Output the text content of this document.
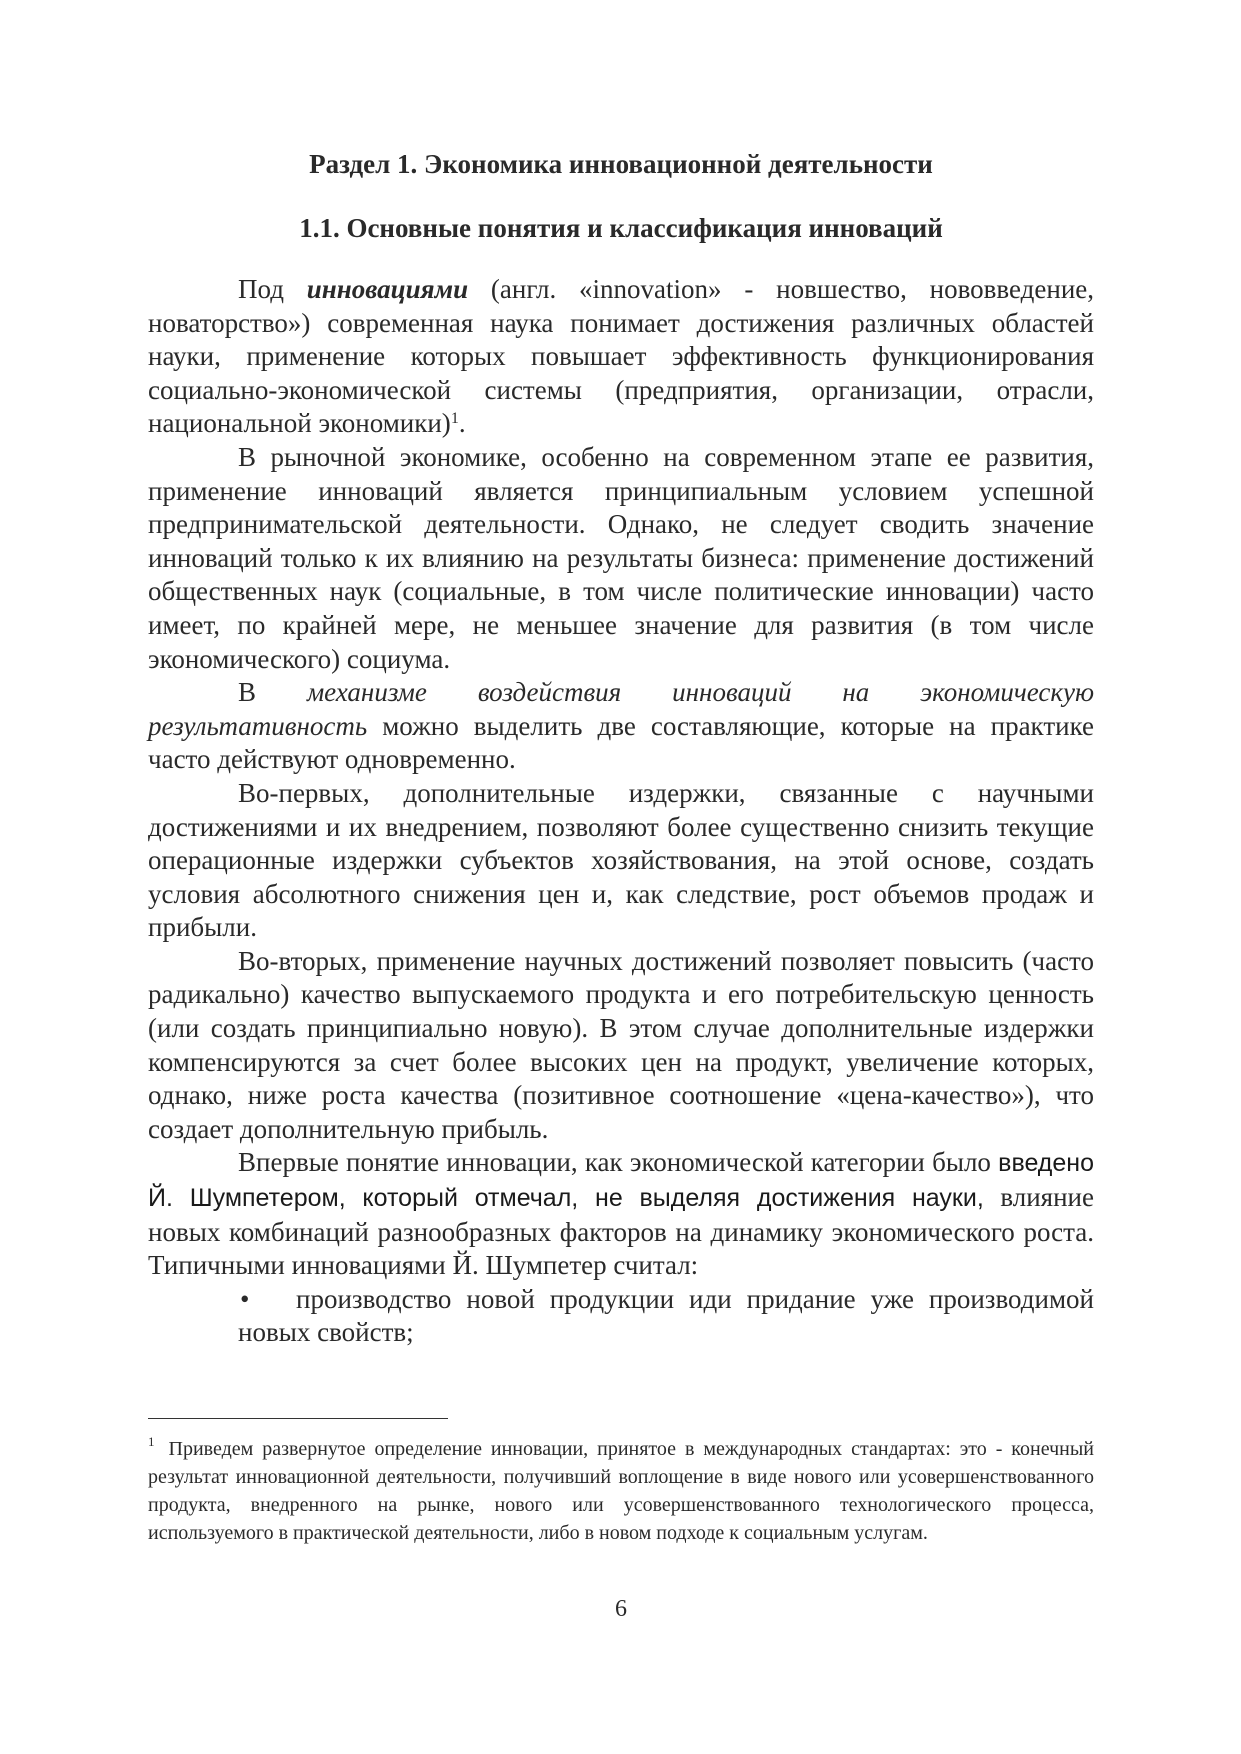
Раздел 1. Экономика инновационной деятельности
1.1. Основные понятия и классификация инноваций

Под инновациями (англ. «innovation» - новшество, нововведение, новаторство») современная наука понимает достижения различных областей науки, применение которых повышает эффективность функционирования социально-экономической системы (предприятия, организации, отрасли, национальной экономики)$^1$.

В рыночной экономике, особенно на современном этапе ее развития, применение инноваций является принципиальным условием успешной предпринимательской деятельности. Однако, не следует сводить значение инноваций только к их влиянию на результаты бизнеса: применение достижений общественных наук (социальные, в том числе политические инновации) часто имеет, по крайней мере, не меньшее значение для развития (в том числе экономического) социума.

В механизме воздействия инноваций на экономическую результативность можно выделить две составляющие, которые на практике часто действуют одновременно.

Во-первых, дополнительные издержки, связанные с научными достижениями и их внедрением, позволяют более существенно снизить текущие операционные издержки субъектов хозяйствования, на этой основе, создать условия абсолютного снижения цен и, как следствие, рост объемов продаж и прибыли.

Во-вторых, применение научных достижений позволяет повысить (часто радикально) качество выпускаемого продукта и его потребительскую ценность (или создать принципиально новую). В этом случае дополнительные издержки компенсируются за счет более высоких цен на продукт, увеличение которых, однако, ниже роста качества (позитивное соотношение «цена-качество»), что создает дополнительную прибыль.

Впервые понятие инновации, как экономической категории было введено Й. Шумпетером, который отмечал, не выделяя достижения науки, влияние новых комбинаций разнообразных факторов на динамику экономического роста. Типичными инновациями Й. Шумпетер считал:

•	производство новой продукции иди придание уже производимой новых свойств;

$^1$ Приведем развернутое определение инновации, принятое в международных стандартах: это - конечный результат инновационной деятельности, получивший воплощение в виде нового или усовершенствованного продукта, внедренного на рынке, нового или усовершенствованного технологического процесса, используемого в практической деятельности, либо в новом подходе к социальным услугам.

6
